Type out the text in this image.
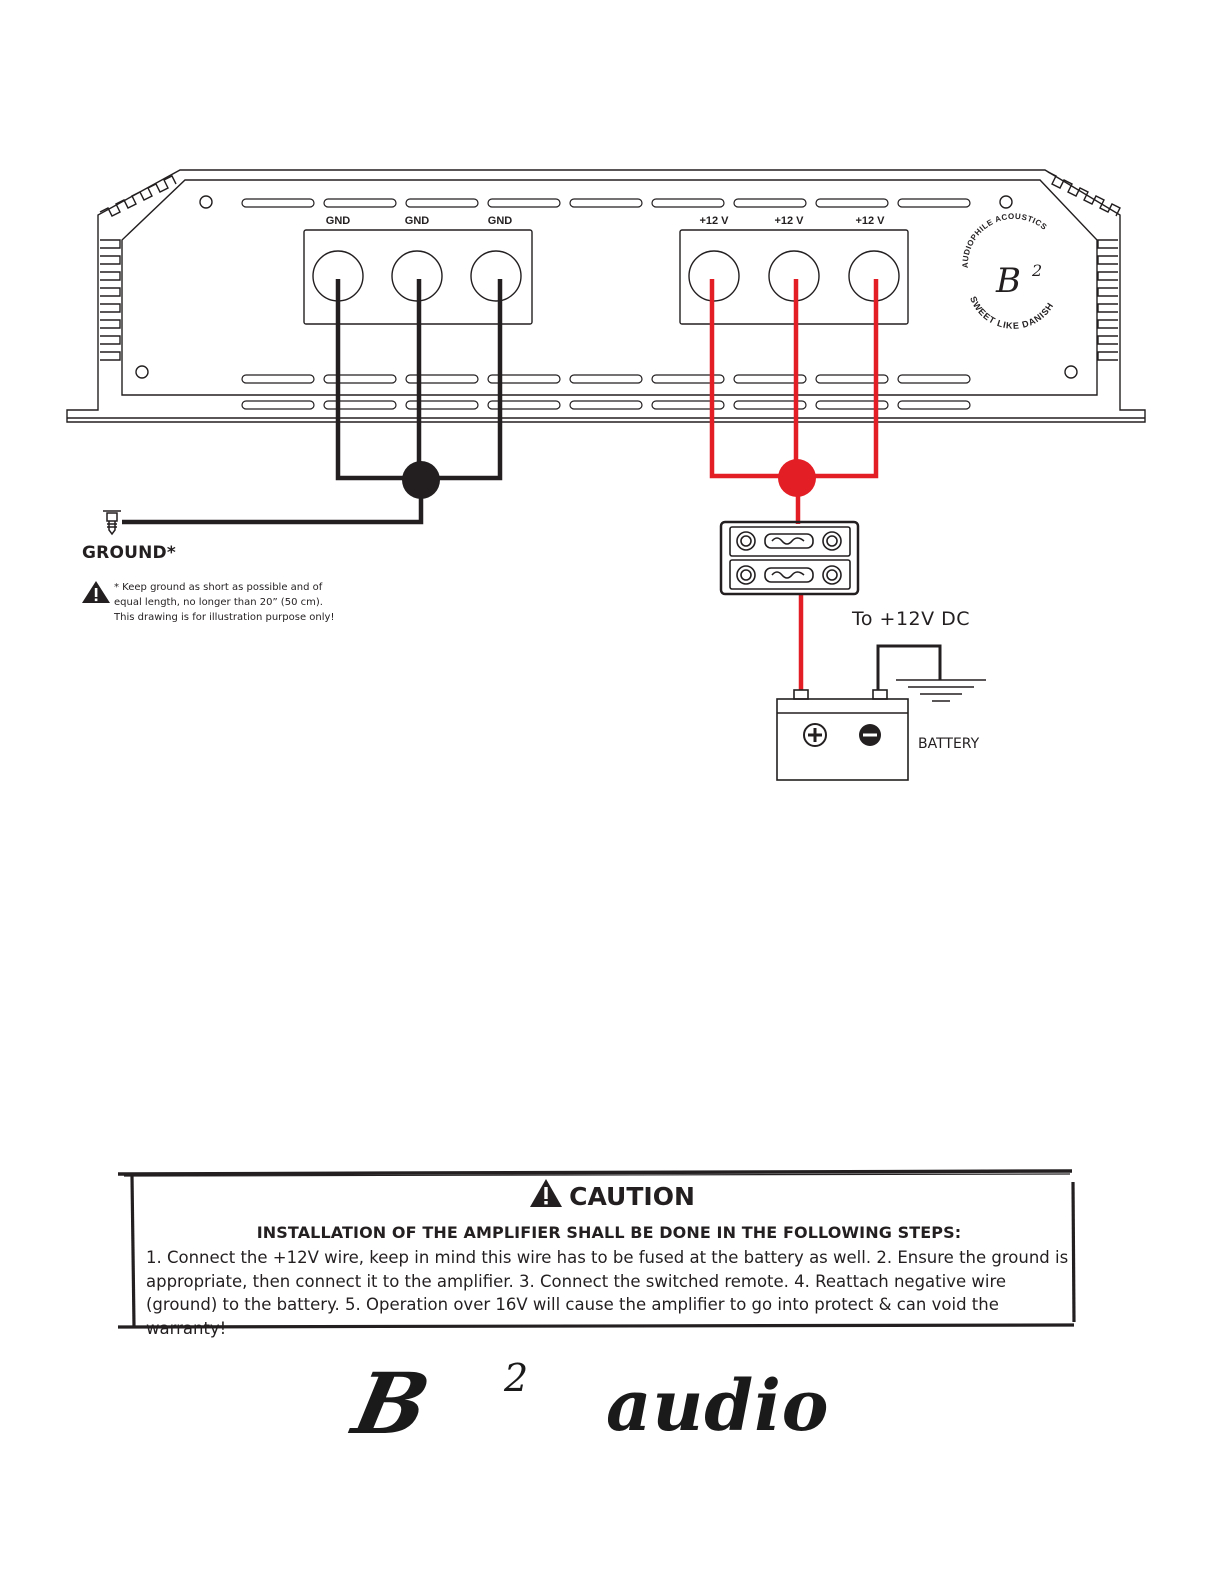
GND	GND	GND	+12 V	+12 V	+12 V
AUDIOPHILE ACOUSTICS
SWEET LIKE DANISH
B 2
GROUND*
* Keep ground as short as possible and of
equal length, no longer than 20” (50 cm).
This drawing is for illustration purpose only!	To +12V DC
BATTERY
CAUTION
INSTALLATION OF THE AMPLIFIER SHALL BE DONE IN THE FOLLOWING STEPS:
1. Connect the +12V wire, keep in mind this wire has to be fused at the battery as well. 2. Ensure the ground is appropriate, then connect it to the amplifier. 3. Connect the switched remote. 4. Reattach negative wire (ground) to the battery. 5. Operation over 16V will cause the amplifier to go into protect & can void the warranty!
B 2 audio
